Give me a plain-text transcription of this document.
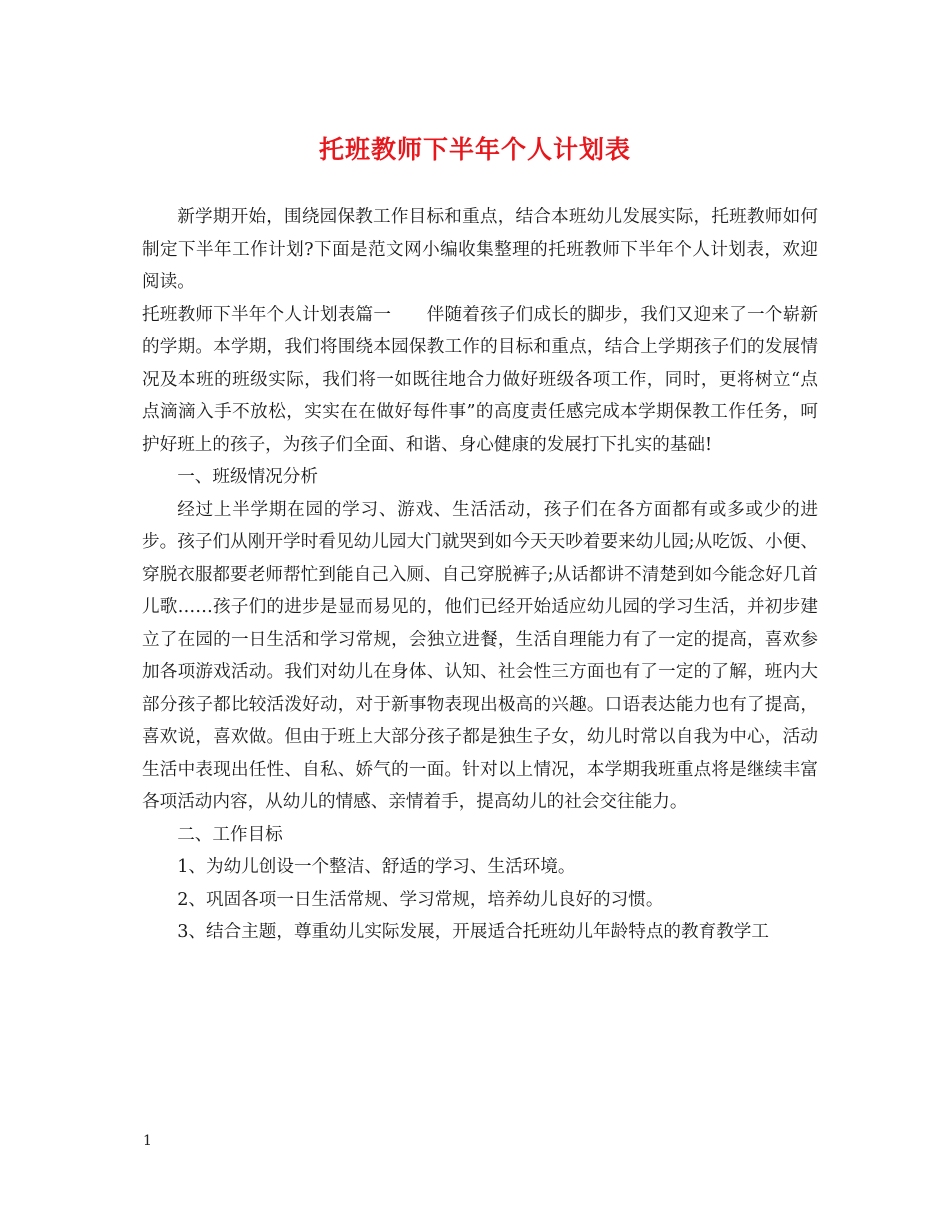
托班教师下半年个人计划表

新学期开始，围绕园保教工作目标和重点，结合本班幼儿发展实际，托班教师如何制定下半年工作计划?下面是范文网小编收集整理的托班教师下半年个人计划表，欢迎阅读。

托班教师下半年个人计划表篇一　　伴随着孩子们成长的脚步，我们又迎来了一个崭新的学期。本学期，我们将围绕本园保教工作的目标和重点，结合上学期孩子们的发展情况及本班的班级实际，我们将一如既往地合力做好班级各项工作，同时，更将树立“点点滴滴入手不放松，实实在在做好每件事”的高度责任感完成本学期保教工作任务，呵护好班上的孩子，为孩子们全面、和谐、身心健康的发展打下扎实的基础!

一、班级情况分析

经过上半学期在园的学习、游戏、生活活动，孩子们在各方面都有或多或少的进步。孩子们从刚开学时看见幼儿园大门就哭到如今天天吵着要来幼儿园;从吃饭、小便、穿脱衣服都要老师帮忙到能自己入厕、自己穿脱裤子;从话都讲不清楚到如今能念好几首儿歌……孩子们的进步是显而易见的，他们已经开始适应幼儿园的学习生活，并初步建立了在园的一日生活和学习常规，会独立进餐，生活自理能力有了一定的提高，喜欢参加各项游戏活动。我们对幼儿在身体、认知、社会性三方面也有了一定的了解，班内大部分孩子都比较活泼好动，对于新事物表现出极高的兴趣。口语表达能力也有了提高，喜欢说，喜欢做。但由于班上大部分孩子都是独生子女，幼儿时常以自我为中心，活动生活中表现出任性、自私、娇气的一面。针对以上情况，本学期我班重点将是继续丰富各项活动内容，从幼儿的情感、亲情着手，提高幼儿的社会交往能力。

二、工作目标

1、为幼儿创设一个整洁、舒适的学习、生活环境。

2、巩固各项一日生活常规、学习常规，培养幼儿良好的习惯。

3、结合主题，尊重幼儿实际发展，开展适合托班幼儿年龄特点的教育教学工

1
